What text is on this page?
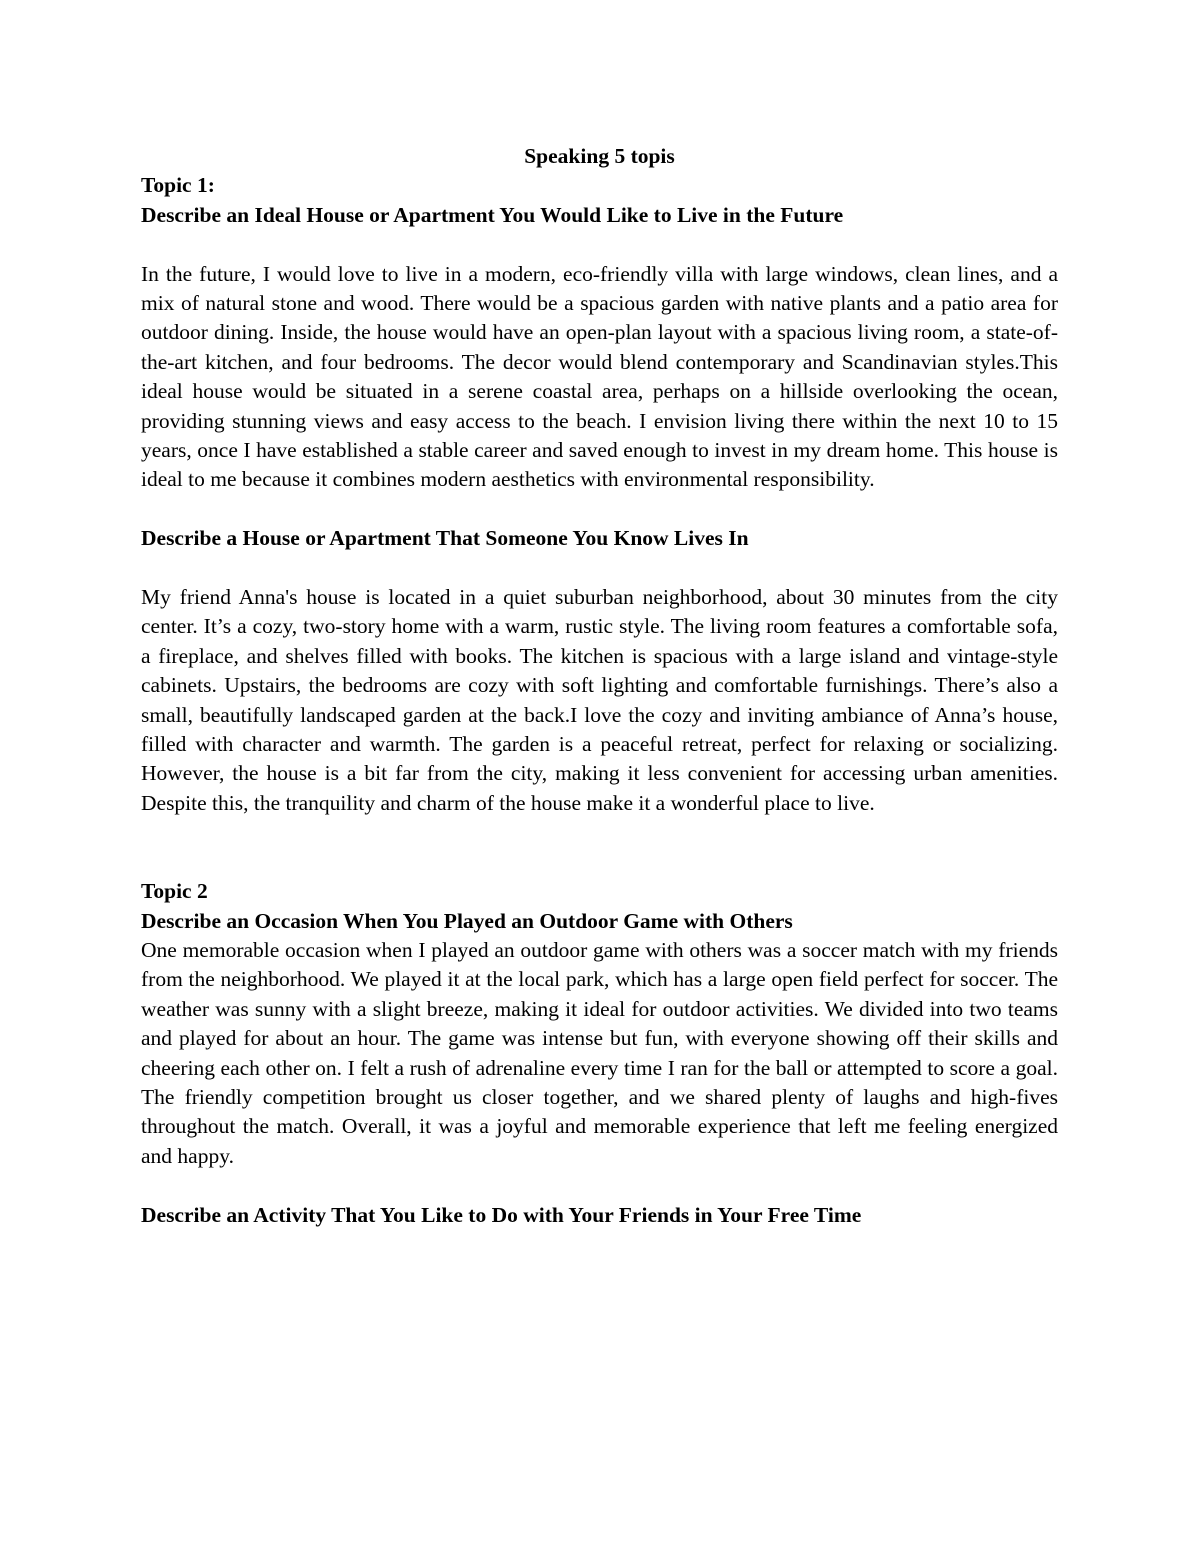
Speaking 5 topis

Topic 1:

Describe an Ideal House or Apartment You Would Like to Live in the Future

In the future, I would love to live in a modern, eco-friendly villa with large windows, clean lines, and a mix of natural stone and wood. There would be a spacious garden with native plants and a patio area for outdoor dining. Inside, the house would have an open-plan layout with a spacious living room, a state-of-the-art kitchen, and four bedrooms. The decor would blend contemporary and Scandinavian styles.This ideal house would be situated in a serene coastal area, perhaps on a hillside overlooking the ocean, providing stunning views and easy access to the beach. I envision living there within the next 10 to 15 years, once I have established a stable career and saved enough to invest in my dream home. This house is ideal to me because it combines modern aesthetics with environmental responsibility.

Describe a House or Apartment That Someone You Know Lives In

My friend Anna's house is located in a quiet suburban neighborhood, about 30 minutes from the city center. It’s a cozy, two-story home with a warm, rustic style. The living room features a comfortable sofa, a fireplace, and shelves filled with books. The kitchen is spacious with a large island and vintage-style cabinets. Upstairs, the bedrooms are cozy with soft lighting and comfortable furnishings. There’s also a small, beautifully landscaped garden at the back.I love the cozy and inviting ambiance of Anna’s house, filled with character and warmth. The garden is a peaceful retreat, perfect for relaxing or socializing. However, the house is a bit far from the city, making it less convenient for accessing urban amenities. Despite this, the tranquility and charm of the house make it a wonderful place to live.

Topic 2

Describe an Occasion When You Played an Outdoor Game with Others

One memorable occasion when I played an outdoor game with others was a soccer match with my friends from the neighborhood. We played it at the local park, which has a large open field perfect for soccer. The weather was sunny with a slight breeze, making it ideal for outdoor activities. We divided into two teams and played for about an hour. The game was intense but fun, with everyone showing off their skills and cheering each other on. I felt a rush of adrenaline every time I ran for the ball or attempted to score a goal. The friendly competition brought us closer together, and we shared plenty of laughs and high-fives throughout the match. Overall, it was a joyful and memorable experience that left me feeling energized and happy.

Describe an Activity That You Like to Do with Your Friends in Your Free Time
